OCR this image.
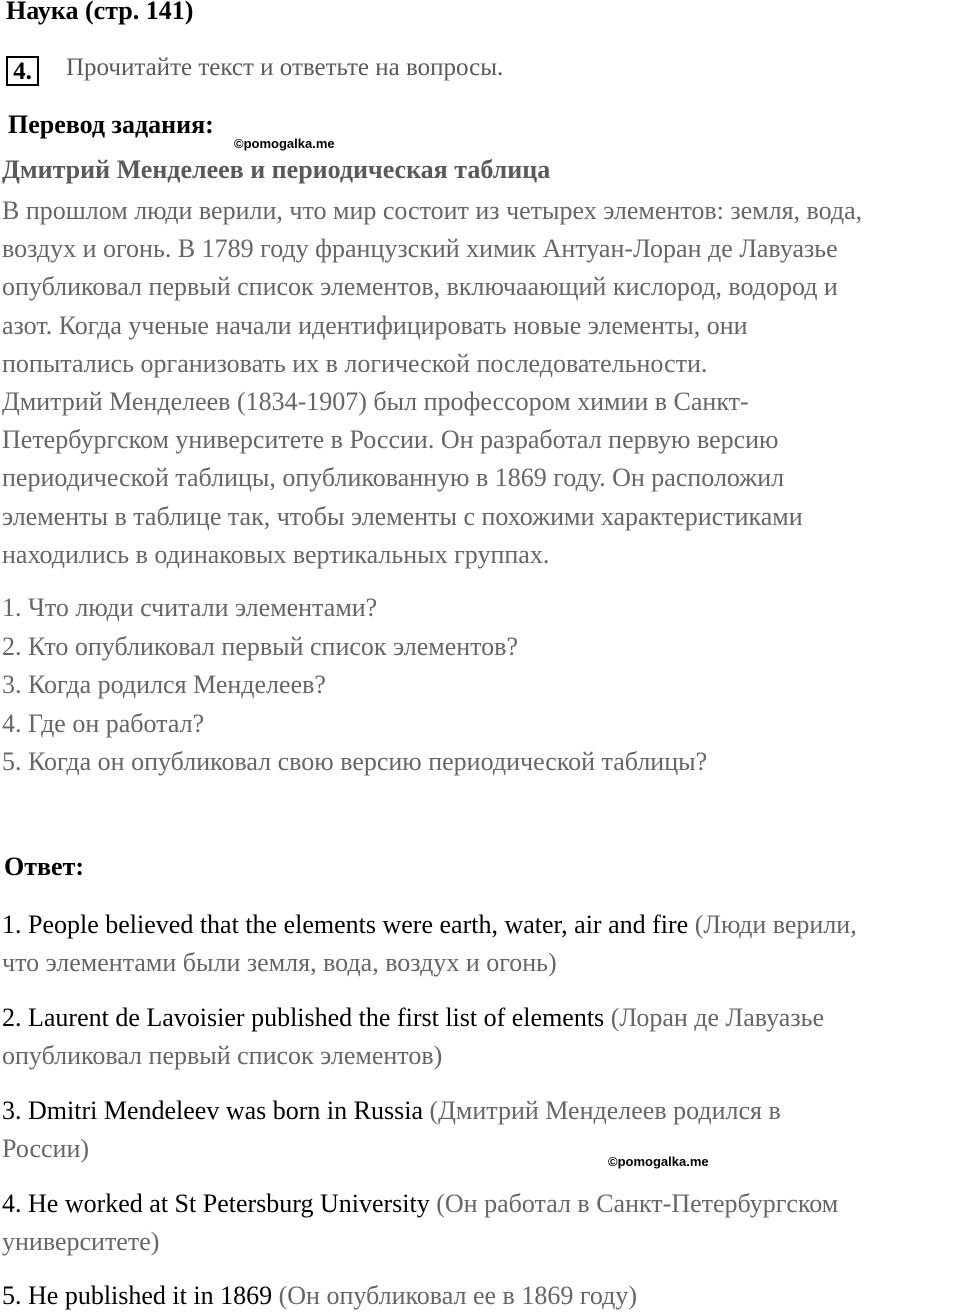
Наука (стр. 141)
4. Прочитайте текст и ответьте на вопросы.
Перевод задания:
©pomogalka.me
Дмитрий Менделеев и периодическая таблица
В прошлом люди верили, что мир состоит из четырех элементов: земля, вода,
воздух и огонь. В 1789 году французский химик Антуан-Лоран де Лавуазье
опубликовал первый список элементов, включаающий кислород, водород и
азот. Когда ученые начали идентифицировать новые элементы, они
попытались организовать их в логической последовательности.
Дмитрий Менделеев (1834-1907) был профессором химии в Санкт-
Петербургском университете в России. Он разработал первую версию
периодической таблицы, опубликованную в 1869 году. Он расположил
элементы в таблице так, чтобы элементы с похожими характеристиками
находились в одинаковых вертикальных группах.
1. Что люди считали элементами?
2. Кто опубликовал первый список элементов?
3. Когда родился Менделеев?
4. Где он работал?
5. Когда он опубликовал свою версию периодической таблицы?
Ответ:
1. People believed that the elements were earth, water, air and fire (Люди верили,
что элементами были земля, вода, воздух и огонь)
2. Laurent de Lavoisier published the first list of elements (Лоран де Лавуазье
опубликовал первый список элементов)
3. Dmitri Mendeleev was born in Russia (Дмитрий Менделеев родился в
России)	©pomogalka.me
4. He worked at St Petersburg University (Он работал в Санкт-Петербургском
университете)
5. He published it in 1869 (Он опубликовал ее в 1869 году)
